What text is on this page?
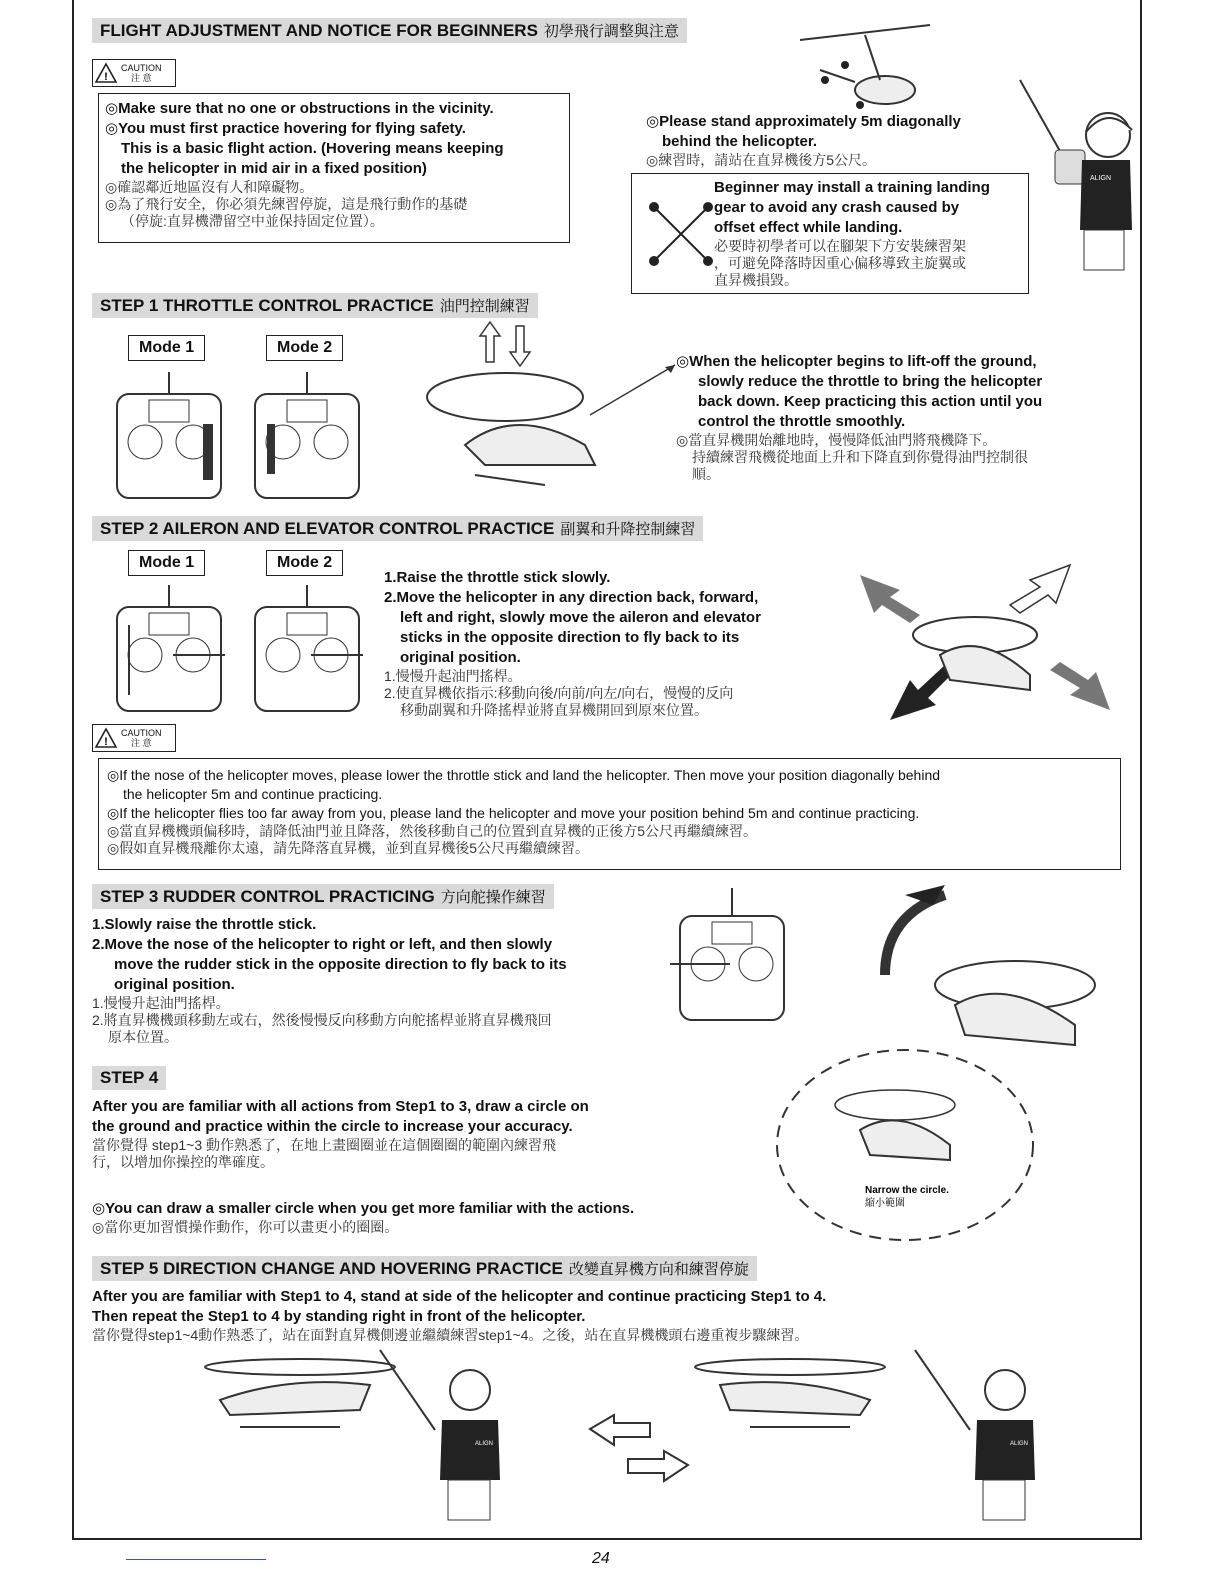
FLIGHT ADJUSTMENT AND NOTICE FOR BEGINNERS 初學飛行調整與注意
!
CAUTION
注 意

◎Make sure that no one or obstructions in the vicinity.

◎You must first practice hovering for flying safety.

This is a basic flight action. (Hovering means keeping

the helicopter in mid air in a fixed position)

◎確認鄰近地區沒有人和障礙物。

◎為了飛行安全，你必須先練習停旋，這是飛行動作的基礎

（停旋:直昇機滯留空中並保持固定位置）。

◎Please stand approximately 5m diagonally

behind the helicopter.

◎練習時，請站在直昇機後方5公尺。

Beginner may install a training landing

gear to avoid any crash caused by

offset effect while landing.

必要時初學者可以在腳架下方安裝練習架

，可避免降落時因重心偏移導致主旋翼或

直昇機損毀。

ALIGN
STEP 1 THROTTLE CONTROL PRACTICE 油門控制練習
Mode 1	Mode 2

◎When the helicopter begins to lift-off the ground,

slowly reduce the throttle to bring the helicopter

back down. Keep practicing this action until you

control the throttle smoothly.

◎當直昇機開始離地時，慢慢降低油門將飛機降下。

持續練習飛機從地面上升和下降直到你覺得油門控制很

順。

STEP 2 AILERON AND ELEVATOR CONTROL PRACTICE 副翼和升降控制練習
Mode 1	Mode 2

1.Raise the throttle stick slowly.

2.Move the helicopter in any direction back, forward,

left and right, slowly move the aileron and elevator

sticks in the opposite direction to fly back to its

original position.

1.慢慢升起油門搖桿。

2.使直昇機依指示:移動向後/向前/向左/向右，慢慢的反向

移動副翼和升降搖桿並將直昇機開回到原來位置。

!
CAUTION
注 意

◎If the nose of the helicopter moves, please lower the throttle stick and land the helicopter. Then move your position diagonally behind

the helicopter 5m and continue practicing.

◎If the helicopter flies too far away from you, please land the helicopter and move your position behind 5m and continue practicing.

◎當直昇機機頭偏移時，請降低油門並且降落，然後移動自己的位置到直昇機的正後方5公尺再繼續練習。

◎假如直昇機飛離你太遠，請先降落直昇機，並到直昇機後5公尺再繼續練習。

STEP 3 RUDDER CONTROL PRACTICING 方向舵操作練習

1.Slowly raise the throttle stick.

2.Move the nose of the helicopter to right or left, and then slowly

move the rudder stick in the opposite direction to fly back to its

original position.

1.慢慢升起油門搖桿。

2.將直昇機機頭移動左或右，然後慢慢反向移動方向舵搖桿並將直昇機飛回

原本位置。

STEP 4

After you are familiar with all actions from Step1 to 3, draw a circle on

the ground and practice within the circle to increase your accuracy.

當你覺得 step1~3 動作熟悉了，在地上畫圈圈並在這個圈圈的範圍內練習飛

行，以增加你操控的準確度。

◎You can draw a smaller circle when you get more familiar with the actions.

◎當你更加習慣操作動作，你可以畫更小的圈圈。

Narrow the circle.
縮小範圍
STEP 5 DIRECTION CHANGE AND HOVERING PRACTICE 改變直昇機方向和練習停旋

After you are familiar with Step1 to 4, stand at side of the helicopter and continue practicing Step1 to 4.

Then repeat the Step1 to 4 by standing right in front of the helicopter.

當你覺得step1~4動作熟悉了，站在面對直昇機側邊並繼續練習step1~4。之後，站在直昇機機頭右邊重複步驟練習。

ALIGN	ALIGN
24
